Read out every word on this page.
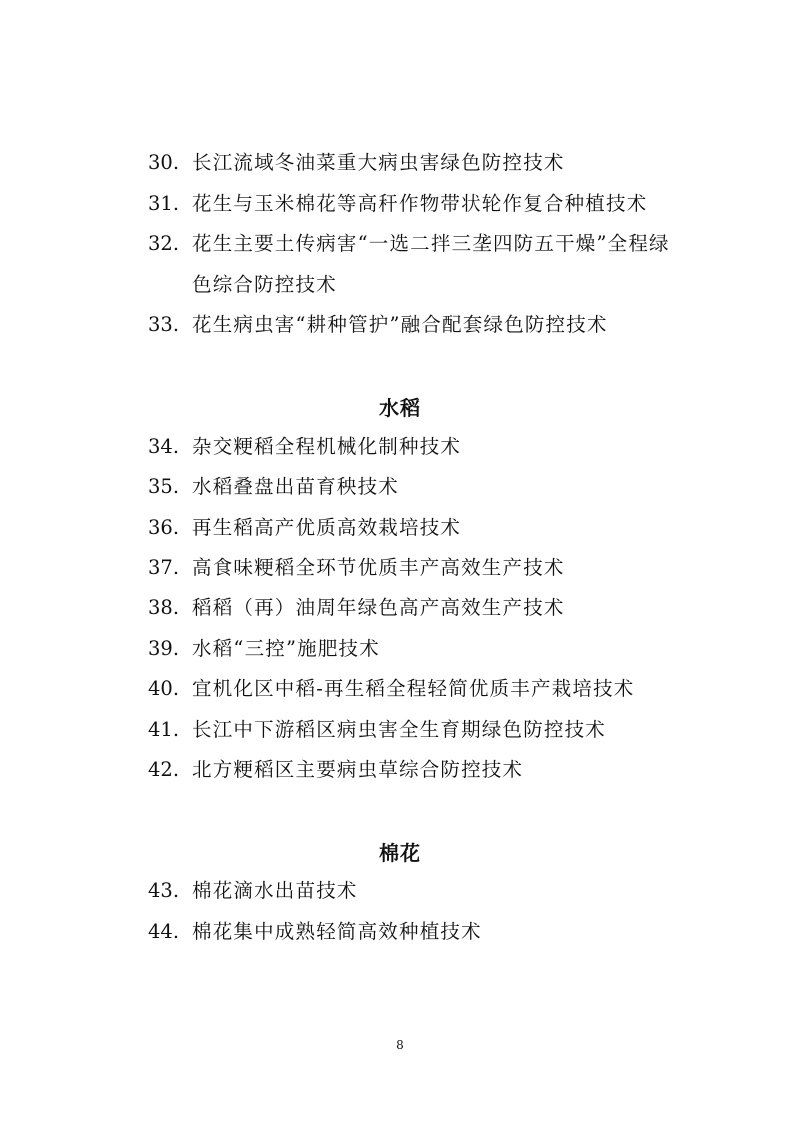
30. 长江流域冬油菜重大病虫害绿色防控技术
31. 花生与玉米棉花等高秆作物带状轮作复合种植技术
32. 花生主要土传病害“一选二拌三垄四防五干燥”全程绿
色综合防控技术
33. 花生病虫害“耕种管护”融合配套绿色防控技术
水稻
34. 杂交粳稻全程机械化制种技术
35. 水稻叠盘出苗育秧技术
36. 再生稻高产优质高效栽培技术
37. 高食味粳稻全环节优质丰产高效生产技术
38. 稻稻（再）油周年绿色高产高效生产技术
39. 水稻“三控”施肥技术
40. 宜机化区中稻-再生稻全程轻简优质丰产栽培技术
41. 长江中下游稻区病虫害全生育期绿色防控技术
42. 北方粳稻区主要病虫草综合防控技术
棉花
43. 棉花滴水出苗技术
44. 棉花集中成熟轻简高效种植技术
8
